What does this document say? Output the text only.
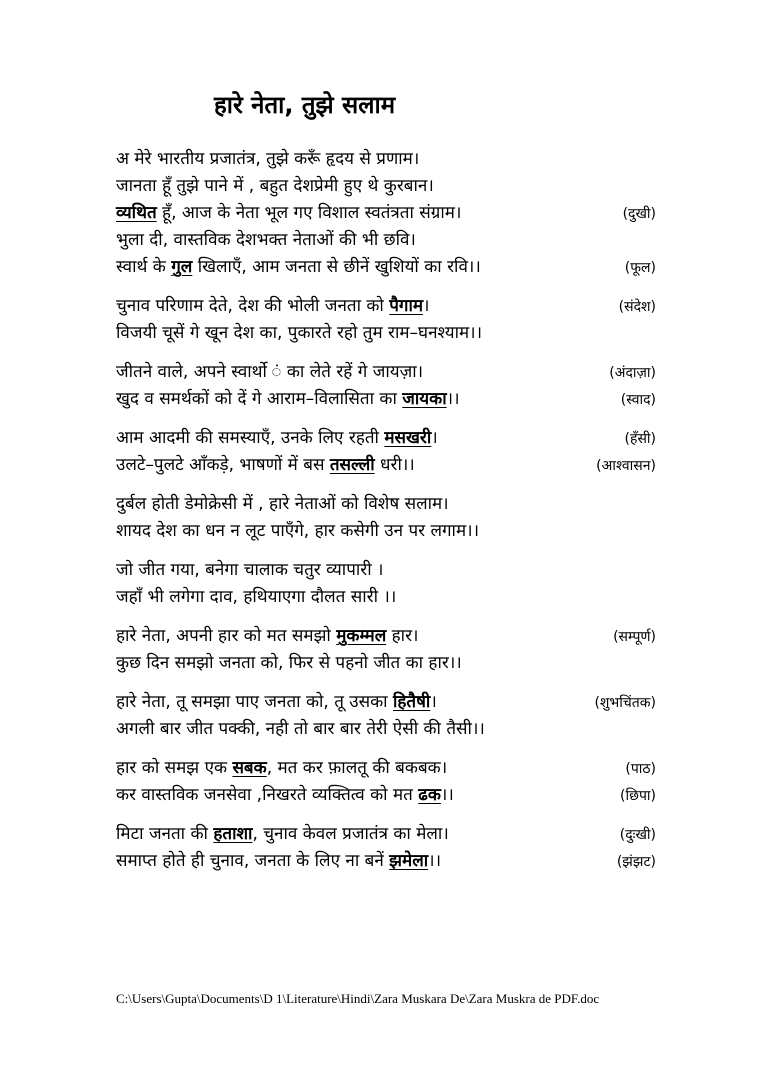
हारे नेता, तुझे सलाम
अ मेरे भारतीय प्रजातंत्र, तुझे करूँ हृदय से प्रणाम।
जानता हूँ तुझे पाने में , बहुत देशप्रेमी हुए थे कुरबान।
व्यथित हूँ, आज के नेता भूल गए विशाल स्वतंत्रता संग्राम।	(दुखी)
भुला दी, वास्तविक देशभक्त नेताओं की भी छवि।
स्वार्थ के गुल खिलाएँ, आम जनता से छीनें खुशियों का रवि।।	(फूल)
चुनाव परिणाम देते, देश की भोली जनता को पैगाम।	(संदेश)
विजयी चूसें गे खून देश का, पुकारते रहो तुम राम–घनश्याम।।
जीतने वाले, अपने स्वार्थो ं का लेते रहें गे जायज़ा।	(अंदाज़ा)
खुद व समर्थकों को दें गे आराम–विलासिता का जायका।।	(स्वाद)
आम आदमी की समस्याएँ, उनके लिए रहती मसखरी।	(हँसी)
उलटे–पुलटे आँकड़े, भाषणों में बस तसल्ली धरी।।	(आश्वासन)
दुर्बल होती डेमोक्रेसी में , हारे नेताओं को विशेष सलाम।
शायद देश का धन न लूट पाएँगे, हार कसेगी उन पर लगाम।।
जो जीत गया, बनेगा चालाक चतुर व्यापारी ।
जहाँ भी लगेगा दाव, हथियाएगा दौलत सारी ।।
हारे नेता, अपनी हार को मत समझो मुकम्मल हार।	(सम्पूर्ण)
कुछ दिन समझो जनता को, फिर से पहनो जीत का हार।।
हारे नेता, तू समझा पाए जनता को, तू उसका हितैषी।	(शुभचिंतक)
अगली बार जीत पक्की, नही तो बार बार तेरी ऐसी की तैसी।।
हार को समझ एक सबक, मत कर फ़ालतू की बकबक।	(पाठ)
कर वास्तविक जनसेवा ,निखरते व्यक्तित्व को मत ढक।।	(छिपा)
मिटा जनता की हताशा, चुनाव केवल प्रजातंत्र का मेला।	(दुःखी)
समाप्त होते ही चुनाव, जनता के लिए ना बनें झमेला।।	(झंझट)
C:\Users\Gupta\Documents\D 1\Literature\Hindi\Zara Muskara De\Zara Muskra de PDF.doc
